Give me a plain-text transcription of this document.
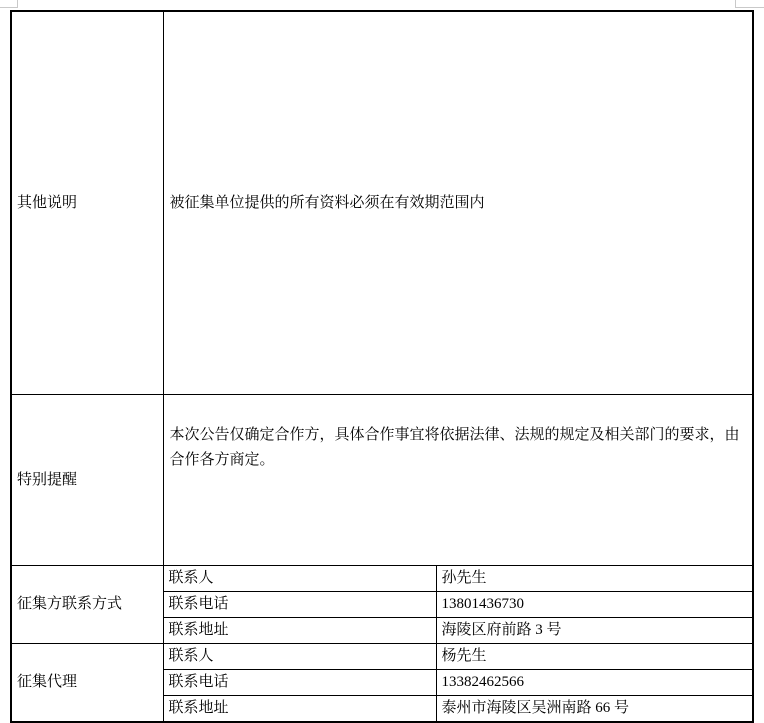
其他说明	被征集单位提供的所有资料必须在有效期范围内	
特别提醒	本次公告仅确定合作方，具体合作事宜将依据法律、法规的规定及相关部门的要求，由合作各方商定。	
征集方联系方式	联系人	孙先生
	联系电话	13801436730
	联系地址	海陵区府前路 3 号
征集代理	联系人	杨先生
	联系电话	13382462566
	联系地址	泰州市海陵区吴洲南路 66 号
